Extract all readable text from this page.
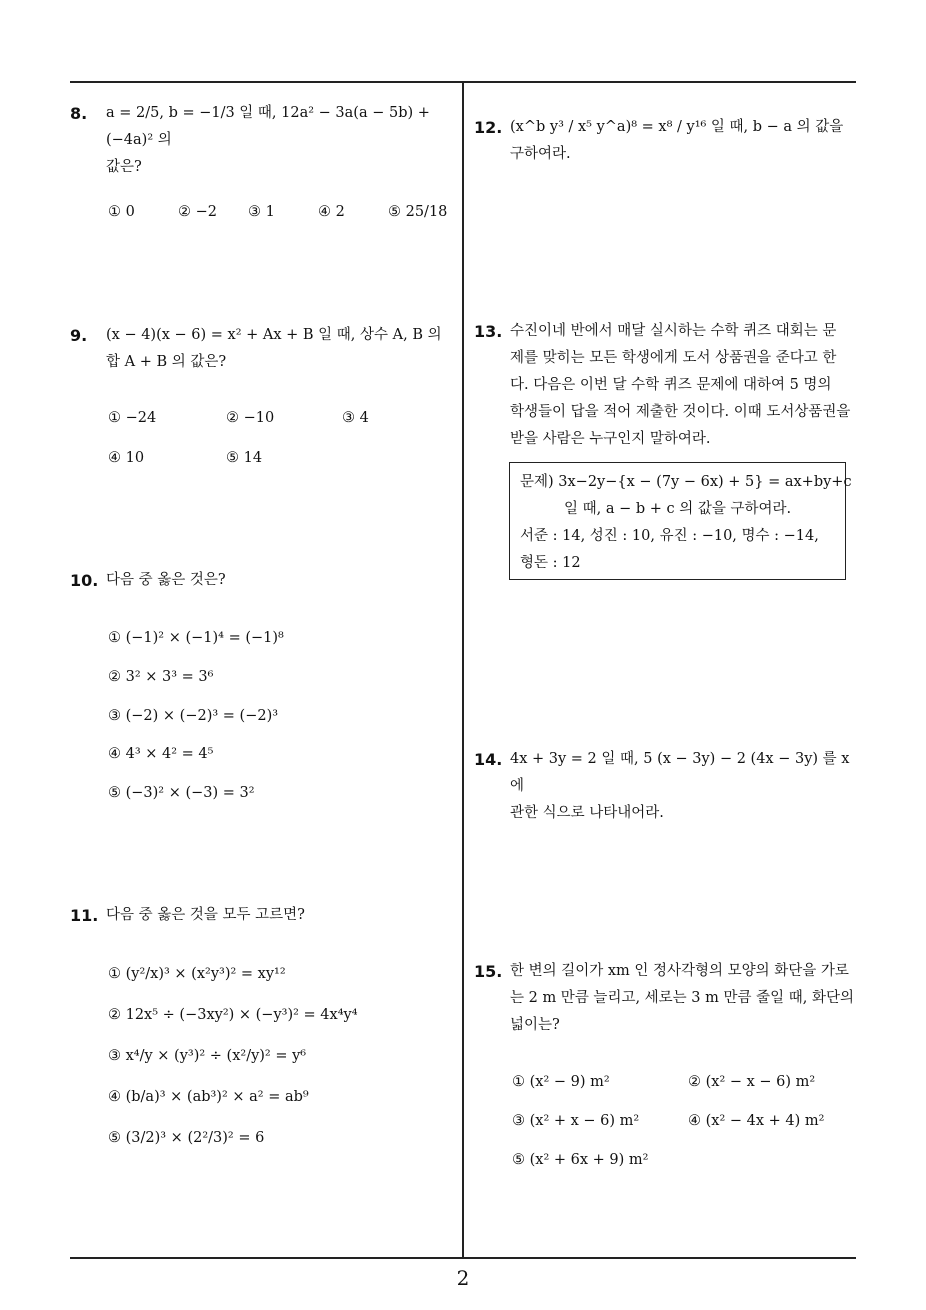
8. a = 2/5, b = −1/3 일 때, 12a² − 3a(a − 5b) + (−4a)² 의
값은?
① 0	② −2 ③ 1	④ 2	⑤ 25/18
9. (x − 4)(x − 6) = x² + Ax + B 일 때, 상수 A, B 의
합 A + B 의 값은?
① −24	② −10	③ 4
④ 10	⑤ 14
10. 다음 중 옳은 것은?
① (−1)² × (−1)⁴ = (−1)⁸
② 3² × 3³ = 3⁶
③ (−2) × (−2)³ = (−2)³
④ 4³ × 4² = 4⁵
⑤ (−3)² × (−3) = 3²
11. 다음 중 옳은 것을 모두 고르면?
① (y²/x)³ × (x²y³)² = xy¹²
② 12x⁵ ÷ (−3xy²) × (−y³)² = 4x⁴y⁴
③ x⁴/y × (y³)² ÷ (x²/y)² = y⁶
④ (b/a)³ × (ab³)² × a² = ab⁹
⑤ (3/2)³ × (2²/3)² = 6
12. (x^b y³ / x⁵ y^a)⁸ = x⁸ / y¹⁶ 일 때, b − a 의 값을 구하여라.
13. 수진이네 반에서 매달 실시하는 수학 퀴즈 대회는 문
제를 맞히는 모든 학생에게 도서 상품권을 준다고 한
다. 다음은 이번 달 수학 퀴즈 문제에 대하여 5 명의
학생들이 답을 적어 제출한 것이다. 이때 도서상품권을
받을 사람은 누구인지 말하여라.
문제) 3x−2y−{x − (7y − 6x) + 5} = ax+by+c
일 때, a − b + c 의 값을 구하여라.
서준 : 14, 성진 : 10, 유진 : −10, 명수 : −14,
형돈 : 12
14. 4x + 3y = 2 일 때, 5 (x − 3y) − 2 (4x − 3y) 를 x 에
관한 식으로 나타내어라.
15. 한 변의 길이가 xm 인 정사각형의 모양의 화단을 가로
는 2 m 만큼 늘리고, 세로는 3 m 만큼 줄일 때, 화단의
넓이는?
① (x² − 9) m²	② (x² − x − 6) m²
③ (x² + x − 6) m²	④ (x² − 4x + 4) m²
⑤ (x² + 6x + 9) m²
2
